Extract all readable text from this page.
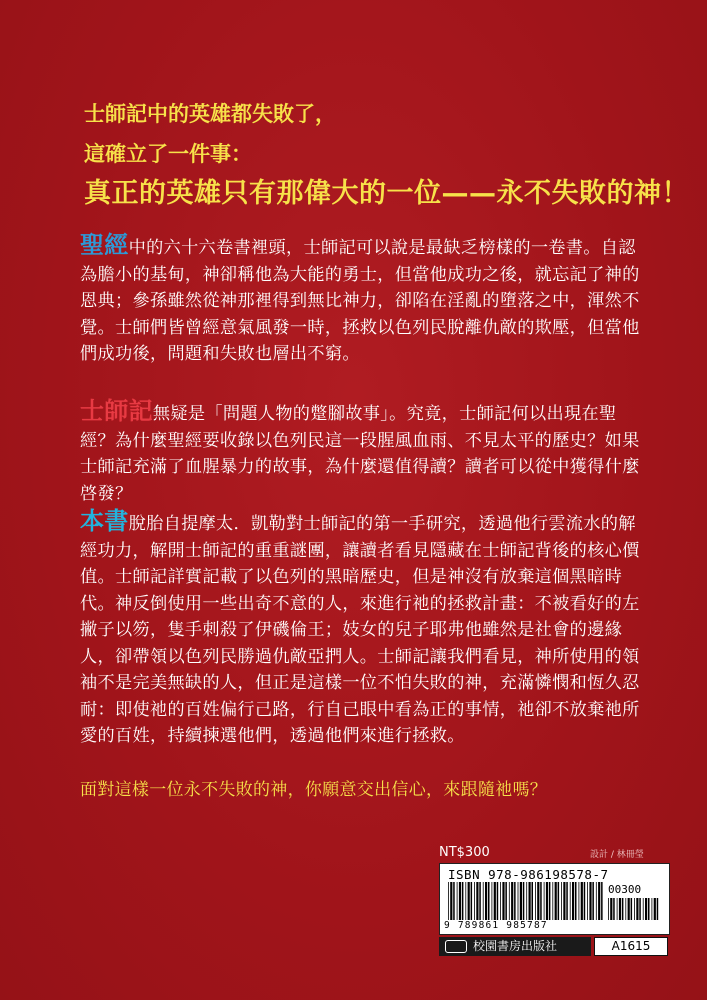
士師記中的英雄都失敗了，
這確立了一件事：
真正的英雄只有那偉大的一位——永不失敗的神！
聖經中的六十六卷書裡頭，士師記可以說是最缺乏榜樣的一卷書。自認為膽小的基甸，神卻稱他為大能的勇士，但當他成功之後，就忘記了神的恩典；參孫雖然從神那裡得到無比神力，卻陷在淫亂的墮落之中，渾然不覺。士師們皆曾經意氣風發一時，拯救以色列民脫離仇敵的欺壓，但當他們成功後，問題和失敗也層出不窮。
士師記無疑是「問題人物的蹩腳故事」。究竟，士師記何以出現在聖經？為什麼聖經要收錄以色列民這一段腥風血雨、不見太平的歷史？如果士師記充滿了血腥暴力的故事，為什麼還值得讀？讀者可以從中獲得什麼啓發？
本書脫胎自提摩太．凱勒對士師記的第一手研究，透過他行雲流水的解經功力，解開士師記的重重謎團，讓讀者看見隱藏在士師記背後的核心價值。士師記詳實記載了以色列的黑暗歷史，但是神沒有放棄這個黑暗時代。神反倒使用一些出奇不意的人，來進行祂的拯救計畫：不被看好的左撇子以笏，隻手刺殺了伊磯倫王；妓女的兒子耶弗他雖然是社會的邊緣人，卻帶領以色列民勝過仇敵亞捫人。士師記讓我們看見，神所使用的領袖不是完美無缺的人，但正是這樣一位不怕失敗的神，充滿憐憫和恆久忍耐：即使祂的百姓偏行己路，行自己眼中看為正的事情，祂卻不放棄祂所愛的百姓，持續揀選他們，透過他們來進行拯救。
面對這樣一位永不失敗的神，你願意交出信心，來跟隨祂嗎？
NT$300	設計 / 林冊瑩
ISBN 978-986198578-7
00300
9 789861 985787
校園書房出版社	A1615
